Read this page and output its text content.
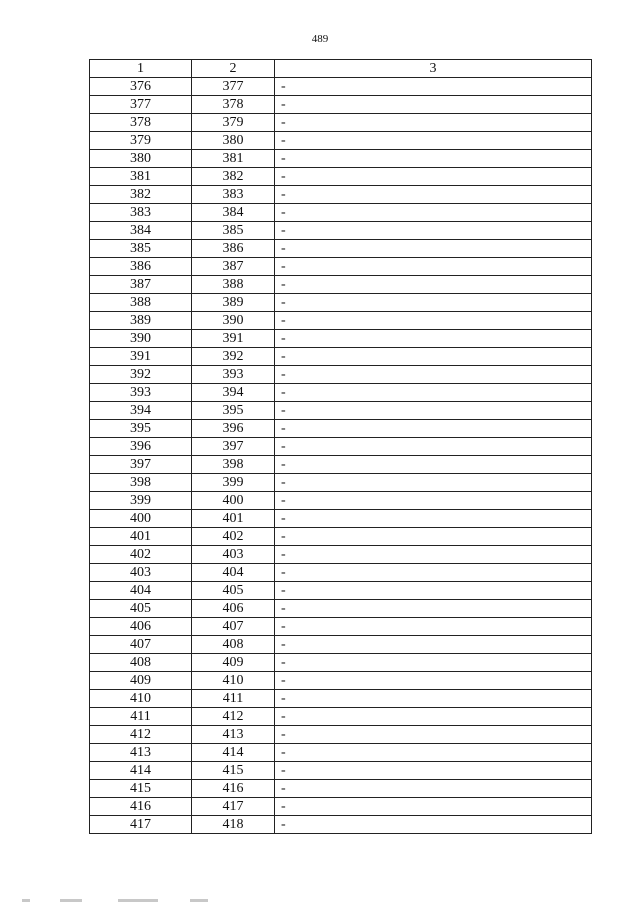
489
1	2	3
376	377	-
377	378	-
378	379	-
379	380	-
380	381	-
381	382	-
382	383	-
383	384	-
384	385	-
385	386	-
386	387	-
387	388	-
388	389	-
389	390	-
390	391	-
391	392	-
392	393	-
393	394	-
394	395	-
395	396	-
396	397	-
397	398	-
398	399	-
399	400	-
400	401	-
401	402	-
402	403	-
403	404	-
404	405	-
405	406	-
406	407	-
407	408	-
408	409	-
409	410	-
410	411	-
411	412	-
412	413	-
413	414	-
414	415	-
415	416	-
416	417	-
417	418	-
